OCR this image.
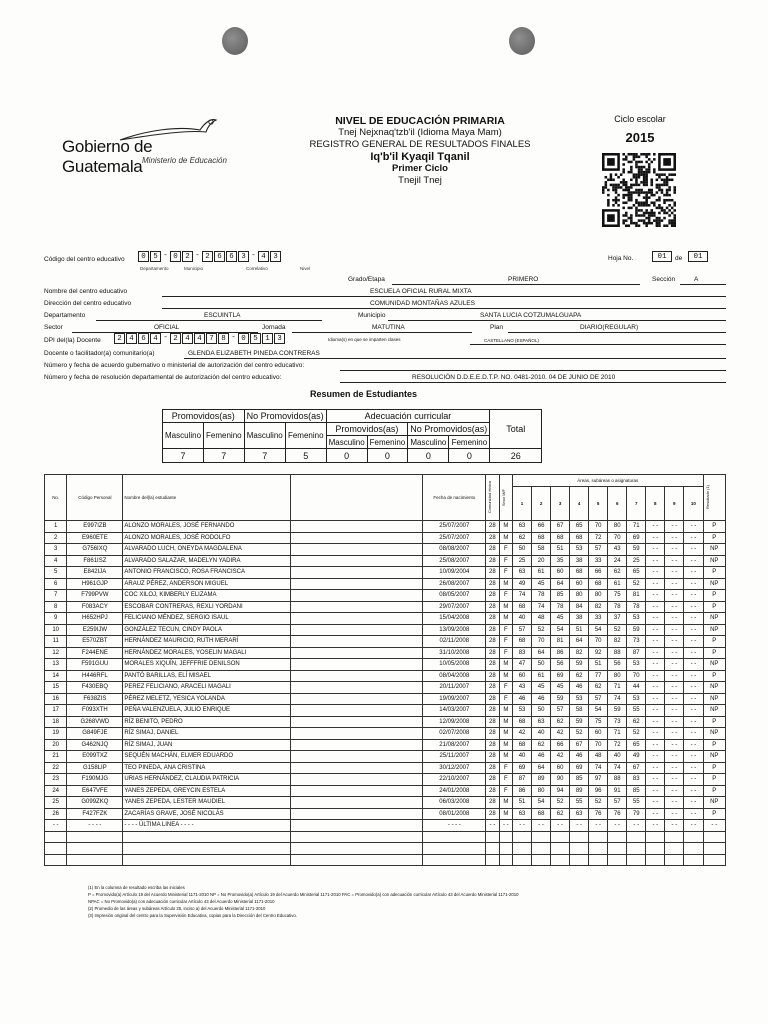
Gobierno de Guatemala Ministerio de Educación
NIVEL DE EDUCACIÓN PRIMARIA
Tnej Nejxnaq'tzb'il (Idioma Maya Mam)
REGISTRO GENERAL DE RESULTADOS FINALES
Iq'b'il Kyaqil Tqanil
Primer Ciclo
Tnejil Tnej
Ciclo escolar
2015
Código del centro educativo	0 5 - 0 2 - 2 6 6 3 - 4 3
Departamento	Municipio	Correlativo	Nivel
Hoja No.	01	de	01
Grado/Etapa	PRIMERO	Sección	A
Nombre del centro educativo	ESCUELA OFICIAL RURAL MIXTA
Dirección del centro educativo	COMUNIDAD MONTAÑAS AZULES
Departamento	ESCUINTLA	Municipio	SANTA LUCIA COTZUMALGUAPA
Sector	OFICIAL	Jornada	MATUTINA	Plan	DIARIO(REGULAR)
DPI del(la) Docente	2 4 6 4 - 2 4 4 7 8 - 0 5 1 3	Idioma(s) en que se imparten clases	CASTELLANO (ESPAÑOL)
Docente o facilitador(a) comunitario(a)	GLENDA ELIZABETH PINEDA CONTRERAS
Número y fecha de acuerdo gubernativo o ministerial de autorización del centro educativo:
Número y fecha de resolución departamental de autorización del centro educativo:	RESOLUCIÓN D.D.E.E.D.T.P. NO. 0481-2010. 04 DE JUNIO DE 2010
Resumen de Estudiantes
Promovidos(as)		No Promovidos(as)		Adecuación curricular				Total
Masculino	Femenino	Masculino	Femenino	Promovidos(as)		No Promovidos(as)		
				Masculino	Femenino	Masculino	Femenino	
7	7	7	5	0	0	0	0	26
No.	Código Personal	Nombre del(la) estudiante		Fecha de nacimiento	Comunidad étnica	Sexo M/F	Áreas, subáreas o asignaturas										Resultado (1)

							1	2	3	4	5	6	7	8	9	10	
1	E997IZB	ALONZO MORALES, JOSÉ FERNANDO		25/07/2007	28	M	63	66	67	65	70	80	71	- -	- -	- -	P
2	E960ETE	ALONZO MORALES, JOSÉ RODOLFO		25/07/2007	28	M	62	68	68	68	72	70	69	- -	- -	- -	P
3	G756IXQ	ALVARADO LUCH, ONEYDA MAGDALENA		08/08/2007	28	F	50	58	51	53	57	43	59	- -	- -	- -	NP
4	F861ISZ	ALVARADO SALAZAR, MADELYN YADIRA		25/08/2007	28	F	25	20	35	38	33	24	25	- -	- -	- -	NP
5	E842IJA	ANTONIO FRANCISCO, ROSA FRANCISCA		10/09/2004	28	F	63	61	60	68	66	62	65	- -	- -	- -	P
6	H961GJP	ARAUZ PÉREZ, ANDERSON MIGUEL		26/08/2007	28	M	49	45	64	60	68	61	52	- -	- -	- -	NP
7	F799PVW	COC XILOJ, KIMBERLY ELIZAMA		08/05/2007	28	F	74	78	85	80	80	75	81	- -	- -	- -	P
8	F083ACY	ESCOBAR CONTRERAS, REXLI YORDANI		29/07/2007	28	M	68	74	78	84	82	78	78	- -	- -	- -	P
9	H652HPJ	FELICIANO MÉNDEZ, SERGIO ISAUL		15/04/2008	28	M	40	48	45	38	33	37	53	- -	- -	- -	NP
10	E259IJW	GONZÁLEZ TECUN, CINDY PAOLA		13/09/2008	28	F	57	52	54	51	54	52	59	- -	- -	- -	NP
11	E570ZBT	HERNÁNDEZ MAURICIO, RUTH MERARÍ		02/11/2008	28	F	68	70	81	64	70	82	73	- -	- -	- -	P
12	F244ENE	HERNÁNDEZ MORALES, YOSELIN MAGALI		31/10/2008	28	F	83	64	86	82	92	88	87	- -	- -	- -	P
13	F591GUU	MORALES XIQUÍN, JEFFFRIE DENILSON		10/05/2008	28	M	47	50	56	59	51	56	53	- -	- -	- -	NP
14	H446RFL	PANTÓ BARILLAS, ELÍ MISAEL		08/04/2008	28	M	60	61	69	62	77	80	70	- -	- -	- -	P
15	F430EBQ	PEREZ FELICIANO, ARACELI MAGALI		20/11/2007	28	F	43	45	45	46	62	71	44	- -	- -	- -	NP
16	F638ZIS	PÉREZ MELETZ, YESICA YOLANDA		19/09/2007	28	F	46	46	59	53	57	74	53	- -	- -	- -	NP
17	F093XTH	PEÑA VALENZUELA, JULIO ENRIQUE		14/03/2007	28	M	53	50	57	58	54	59	55	- -	- -	- -	NP
18	G268VWD	RÍZ BENITO, PEDRO		12/09/2008	28	M	68	63	62	59	75	73	62	- -	- -	- -	P
19	G849FJE	RÍZ SIMAJ, DANIEL		02/07/2008	28	M	42	40	42	52	60	71	52	- -	- -	- -	NP
20	G462NJQ	RÍZ SIMAJ, JUAN		21/08/2007	28	M	68	62	66	67	70	72	65	- -	- -	- -	P
21	E099TXZ	SEQUÉN MACHÁN, ELMER EDUARDO		25/11/2007	28	M	40	46	42	46	48	40	49	- -	- -	- -	NP
22	G158LIP	TEO PINEDA, ANA CRISTINA		30/12/2007	28	F	69	64	60	69	74	74	67	- -	- -	- -	P
23	F190MJG	URIAS HERNÁNDEZ, CLAUDIA PATRICIA		22/10/2007	28	F	87	89	90	85	97	88	83	- -	- -	- -	P
24	E647VFE	YANES ZEPEDA, GREYCIN ESTELA		24/01/2008	28	F	86	80	94	89	96	91	85	- -	- -	- -	P
25	G099ZKQ	YANES ZEPEDA, LESTER MAUDIEL		06/03/2008	28	M	51	54	52	55	52	57	55	- -	- -	- -	NP
26	F427FZK	ZACARÍAS GRAVE, JOSÉ NICOLÁS		08/01/2008	28	M	63	68	62	63	76	76	79	- -	- -	- -	P
- -	- - - -	- - - - ÚLTIMA LINEA - - - -		- - - -	- -	- -	- -	- -	- -	- -	- -	- -	- -	- -	- -	- -	- -

(1) En la columna de resultado escriba las iniciales
P = Promovido(a) Artículo 19 del Acuerdo Ministerial 1171-2010 NP = No Promovido(a) Artículo 19 del Acuerdo Ministerial 1171-2010 PAC = Promovido(a) con adecuación curricular Artículo 43 del Acuerdo Ministerial 1171-2010
NPAC = No Promovido(a) con adecuación curricular Artículo 43 del Acuerdo Ministerial 1171-2010
(2) Promedio de las áreas y subáreas Artículo 25, inciso a) del Acuerdo Ministerial 1171-2010
(3) Impresión original del centro para la Supervisión Educativa, copias para la Dirección del Centro Educativo.
